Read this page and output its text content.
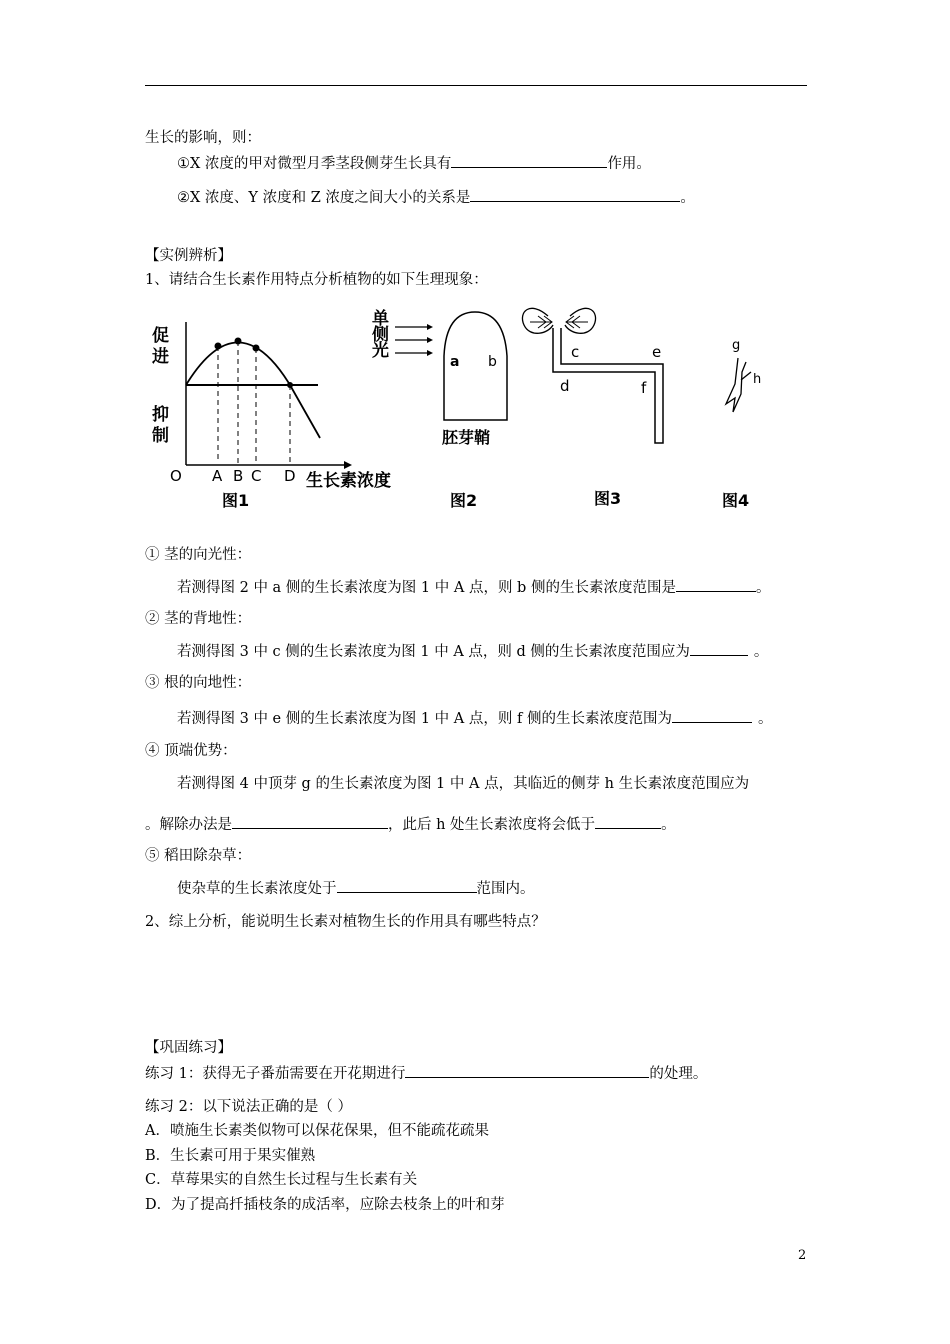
生长的影响，则：
①X 浓度的甲对微型月季茎段侧芽生长具有	作用。
②X 浓度、Y 浓度和 Z 浓度之间大小的关系是	。
【实例辨析】
1、请结合生长素作用特点分析植物的如下生理现象：
促进
抑制
O A B C D 生长素浓度
图1
单侧光
a b
胚芽鞘
图2
c	e
d	f
图3
g
h
图4
① 茎的向光性：
若测得图 2 中 a 侧的生长素浓度为图 1 中 A 点，则 b 侧的生长素浓度范围是	。
② 茎的背地性：
若测得图 3 中 c 侧的生长素浓度为图 1 中 A 点，则 d 侧的生长素浓度范围应为	。
③ 根的向地性：
若测得图 3 中 e 侧的生长素浓度为图 1 中 A 点，则 f 侧的生长素浓度范围为	。
④ 顶端优势：
若测得图 4 中顶芽 g 的生长素浓度为图 1 中 A 点，其临近的侧芽 h 生长素浓度范围应为
。解除办法是	，此后 h 处生长素浓度将会低于	。
⑤ 稻田除杂草：
使杂草的生长素浓度处于	范围内。
2、综上分析，能说明生长素对植物生长的作用具有哪些特点？
【巩固练习】
练习 1：获得无子番茄需要在开花期进行	的处理。
练习 2：以下说法正确的是（ ）
A．喷施生长素类似物可以保花保果，但不能疏花疏果
B．生长素可用于果实催熟
C．草莓果实的自然生长过程与生长素有关
D．为了提高扦插枝条的成活率，应除去枝条上的叶和芽
2
